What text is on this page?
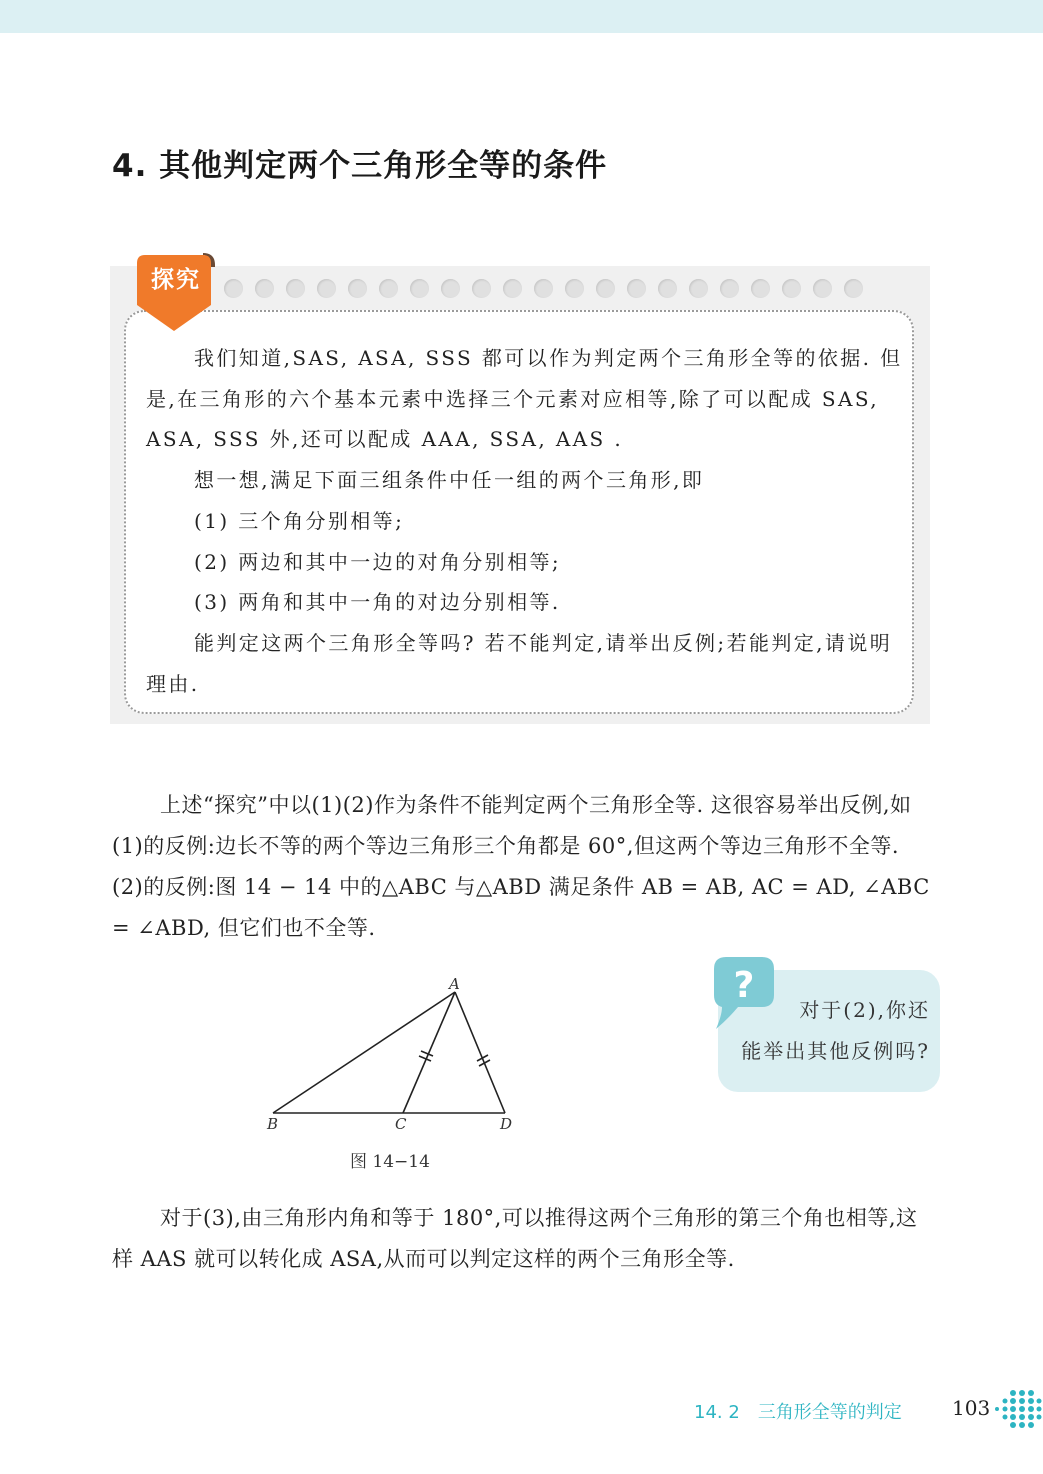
4. 其他判定两个三角形全等的条件
探究

我们知道,SAS, ASA, SSS 都可以作为判定两个三角形全等的依据. 但是,在三角形的六个基本元素中选择三个元素对应相等,除了可以配成 SAS, ASA, SSS 外,还可以配成 AAA, SSA, AAS .

想一想,满足下面三组条件中任一组的两个三角形,即

(1) 三个角分别相等;

(2) 两边和其中一边的对角分别相等;

(3) 两角和其中一角的对边分别相等.

能判定这两个三角形全等吗? 若不能判定,请举出反例;若能判定,请说明理由.

上述“探究”中以(1)(2)作为条件不能判定两个三角形全等. 这很容易举出反例,如(1)的反例:边长不等的两个等边三角形三个角都是 60°,但这两个等边三角形不全等. (2)的反例:图 14 − 14 中的△ABC 与△ABD 满足条件 AB = AB, AC = AD, ∠ABC = ∠ABD, 但它们也不全等.

A
B	C	D
图 14−14
?

对于(2),你还

能举出其他反例吗?

对于(3),由三角形内角和等于 180°,可以推得这两个三角形的第三个角也相等,这样 AAS 就可以转化成 ASA,从而可以判定这样的两个三角形全等.

14. 2 三角形全等的判定	103
